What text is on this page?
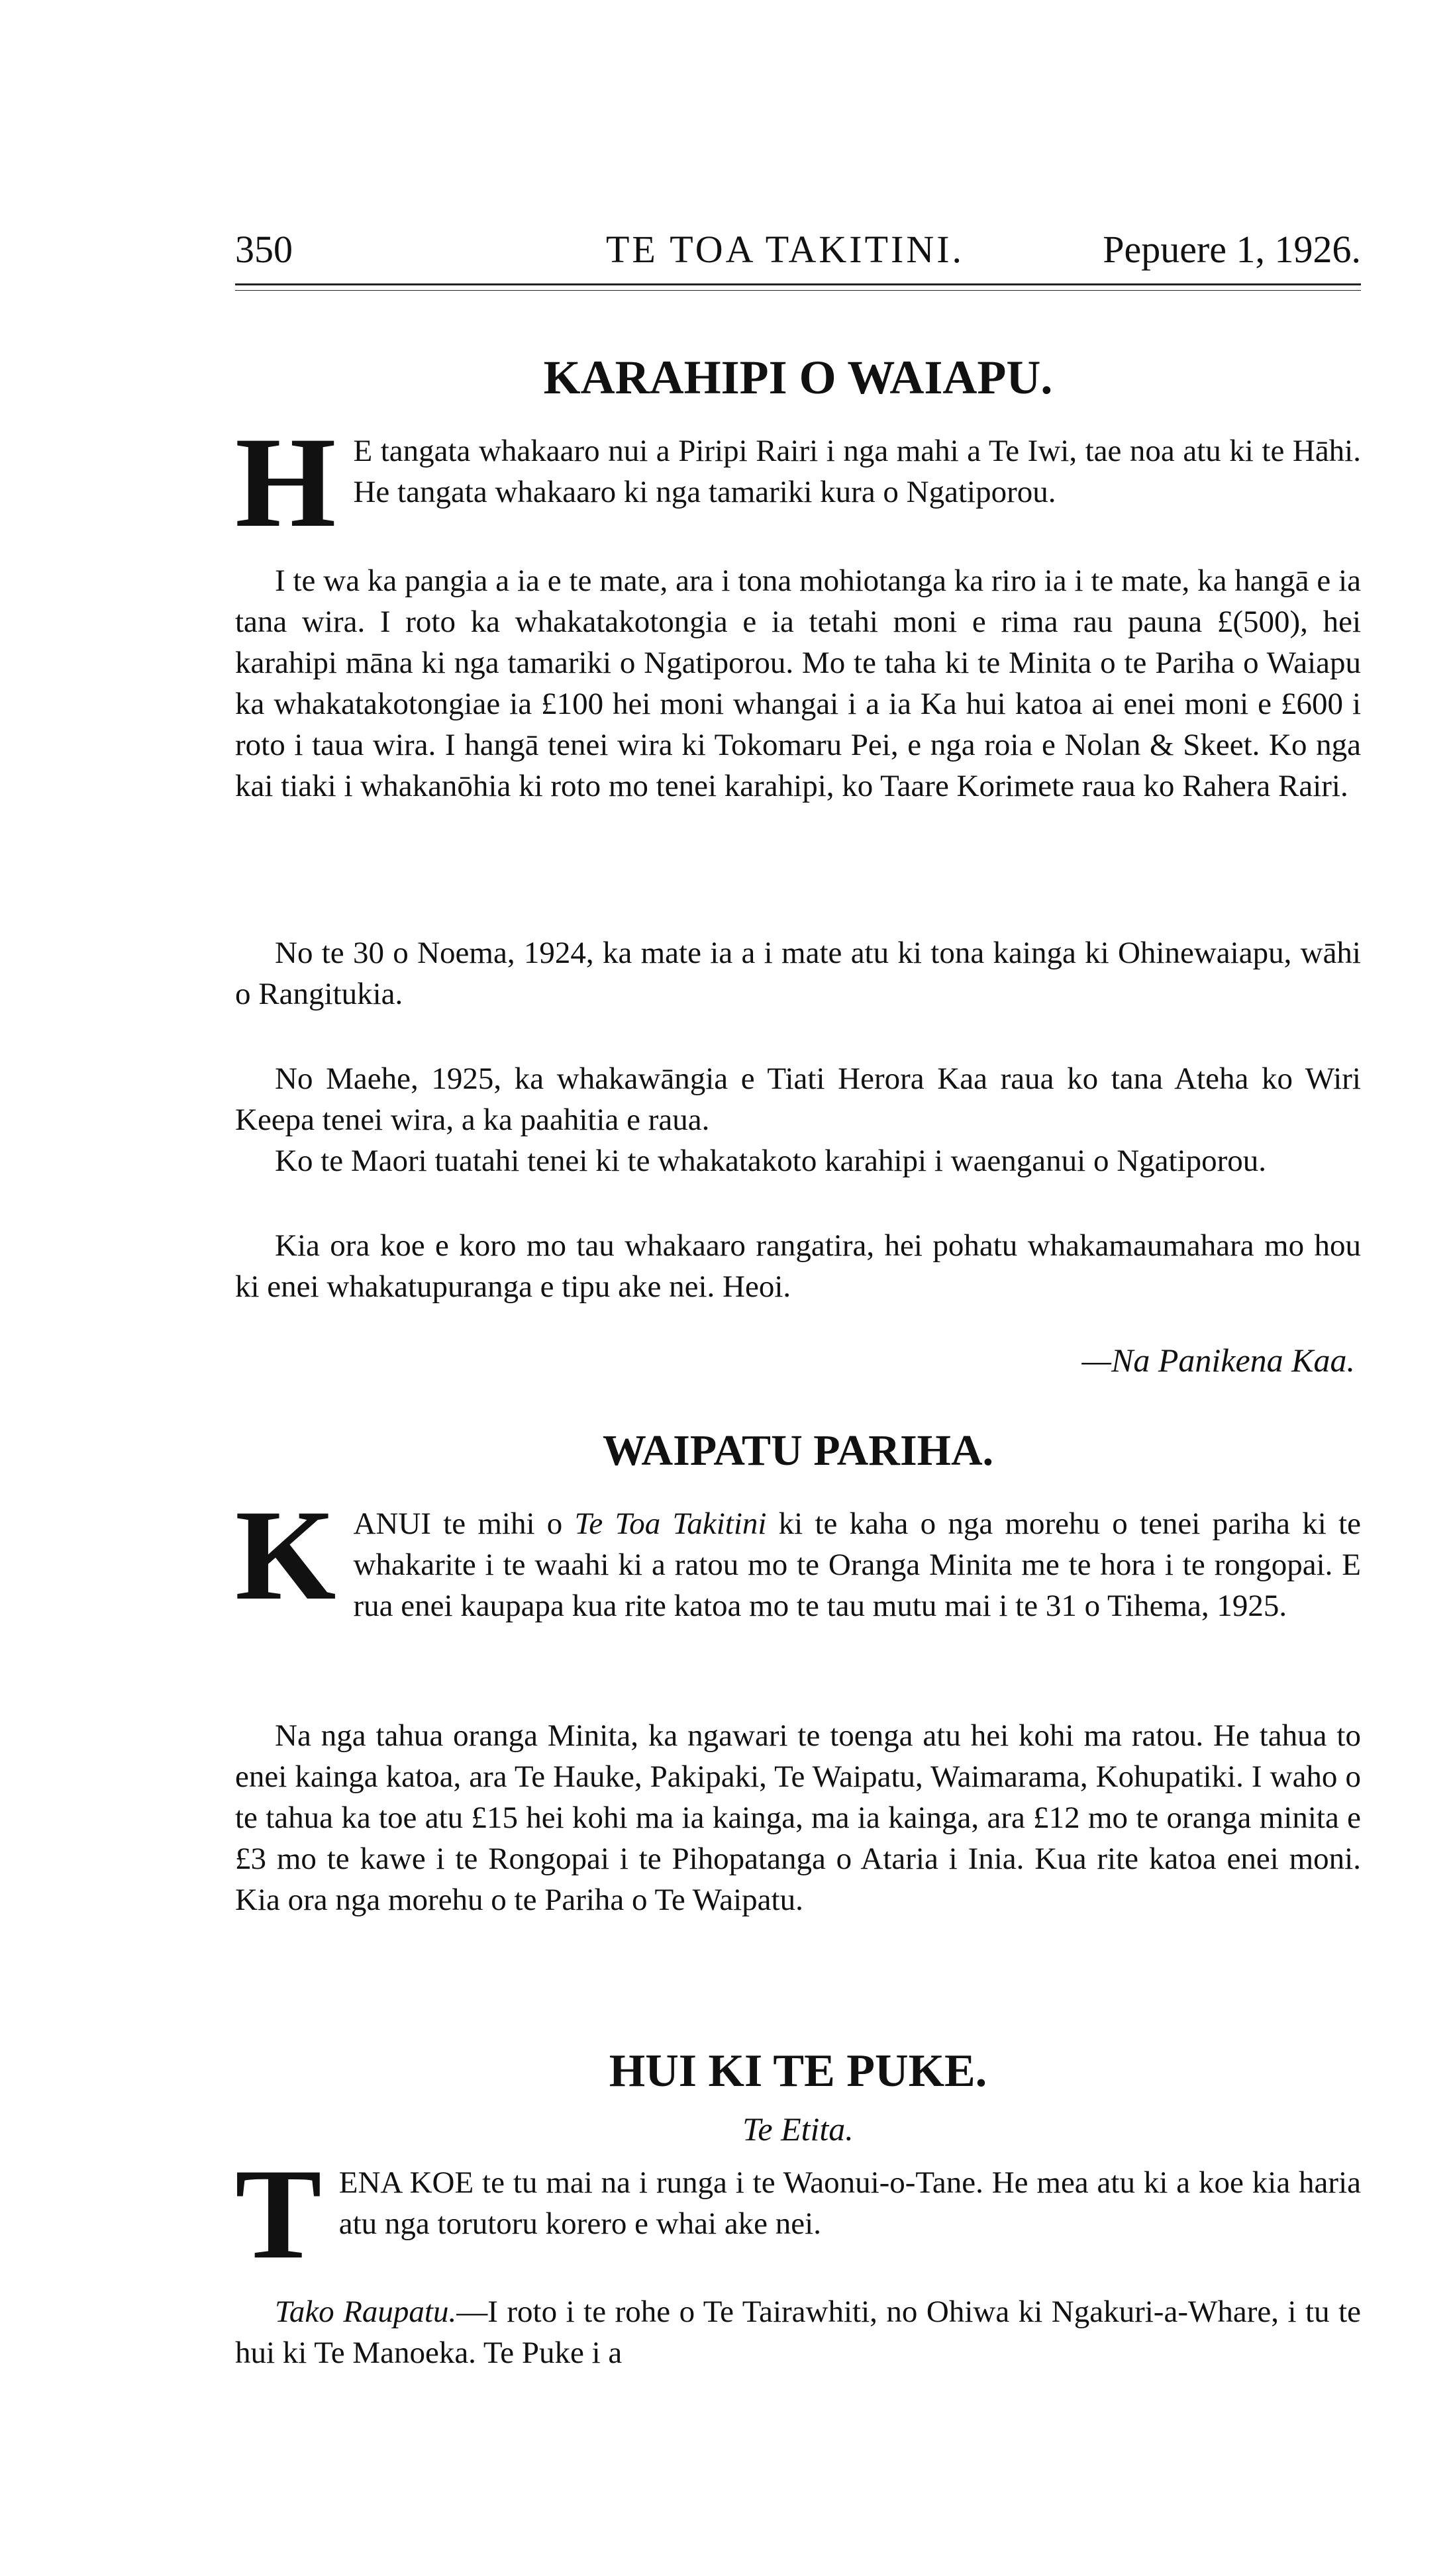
350	TE TOA TAKITINI.	Pepuere 1, 1926.
KARAHIPI O WAIAPU.

H E tangata whakaaro nui a Piripi Rairi i nga mahi a Te Iwi, tae noa atu ki te Hāhi. He tangata whakaaro ki nga tamariki kura o Ngatiporou.

I te wa ka pangia a ia e te mate, ara i tona mohiotanga ka riro ia i te mate, ka hangā e ia tana wira. I roto ka whakatakotongia e ia tetahi moni e rima rau pauna £(500), hei karahipi māna ki nga tamariki o Ngatiporou. Mo te taha ki te Minita o te Pariha o Waiapu ka whakatakotongiae ia £100 hei moni whangai i a ia Ka hui katoa ai enei moni e £600 i roto i taua wira. I hangā tenei wira ki Tokomaru Pei, e nga roia e Nolan & Skeet. Ko nga kai tiaki i whakanōhia ki roto mo tenei karahipi, ko Taare Korimete raua ko Rahera Rairi.

No te 30 o Noema, 1924, ka mate ia a i mate atu ki tona kainga ki Ohinewaiapu, wāhi o Rangitukia.

No Maehe, 1925, ka whakawāngia e Tiati Herora Kaa raua ko tana Ateha ko Wiri Keepa tenei wira, a ka paahitia e raua.

Ko te Maori tuatahi tenei ki te whakatakoto karahipi i waenganui o Ngatiporou.

Kia ora koe e koro mo tau whakaaro rangatira, hei pohatu whakamaumahara mo hou ki enei whakatupuranga e tipu ake nei. Heoi.

—Na Panikena Kaa.
WAIPATU PARIHA.

KANUI te mihi o Te Toa Takitini ki te kaha o nga morehu o tenei pariha ki te whakarite i te waahi ki a ratou mo te Oranga Minita me te hora i te rongopai. E rua enei kaupapa kua rite katoa mo te tau mutu mai i te 31 o Tihema, 1925.

Na nga tahua oranga Minita, ka ngawari te toenga atu hei kohi ma ratou. He tahua to enei kainga katoa, ara Te Hauke, Pakipaki, Te Waipatu, Waimarama, Kohupatiki. I waho o te tahua ka toe atu £15 hei kohi ma ia kainga, ma ia kainga, ara £12 mo te oranga minita e £3 mo te kawe i te Rongopai i te Pihopatanga o Ataria i Inia. Kua rite katoa enei moni. Kia ora nga morehu o te Pariha o Te Waipatu.

HUI KI TE PUKE.
Te Etita.

TENA KOE te tu mai na i runga i te Waonui-o-Tane. He mea atu ki a koe kia haria atu nga torutoru korero e whai ake nei.

Tako Raupatu.—I roto i te rohe o Te Tairawhiti, no Ohiwa ki Ngakuri-a-Whare, i tu te hui ki Te Manoeka. Te Puke i a
